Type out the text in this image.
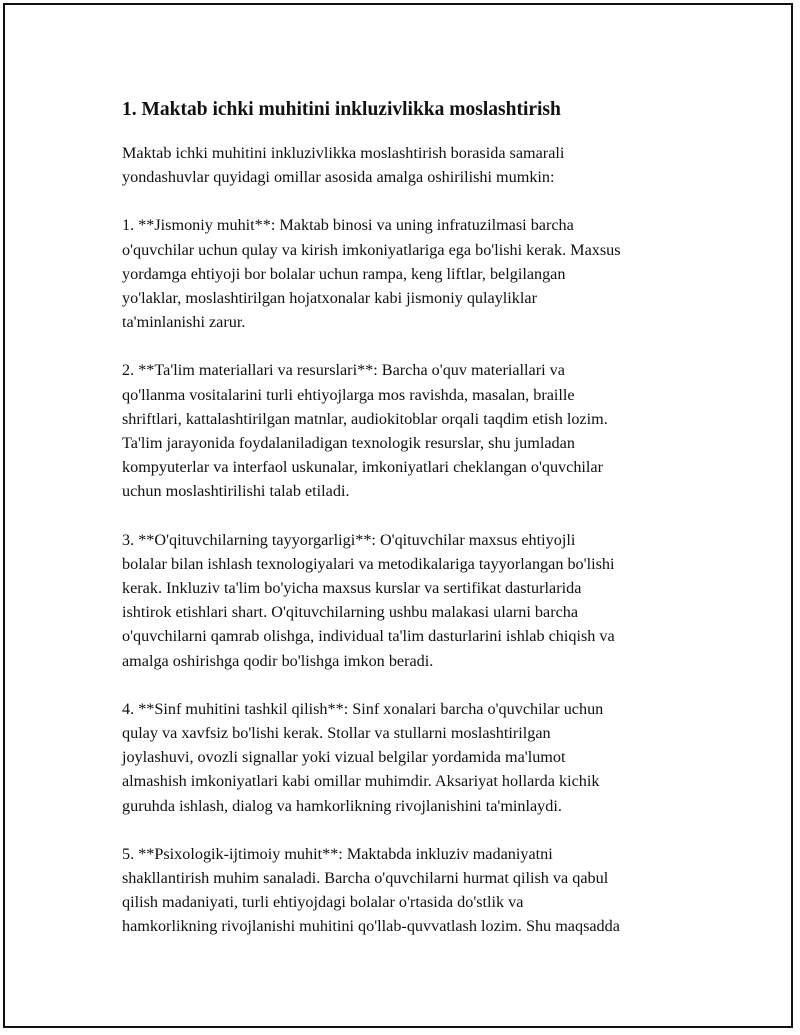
1. Maktab ichki muhitini inkluzivlikka moslashtirish

Maktab ichki muhitini inkluzivlikka moslashtirish borasida samarali
yondashuvlar quyidagi omillar asosida amalga oshirilishi mumkin:

1. **Jismoniy muhit**: Maktab binosi va uning infratuzilmasi barcha
o'quvchilar uchun qulay va kirish imkoniyatlariga ega bo'lishi kerak. Maxsus
yordamga ehtiyoji bor bolalar uchun rampa, keng liftlar, belgilangan
yo'laklar, moslashtirilgan hojatxonalar kabi jismoniy qulayliklar
ta'minlanishi zarur.

2. **Ta'lim materiallari va resurslari**: Barcha o'quv materiallari va
qo'llanma vositalarini turli ehtiyojlarga mos ravishda, masalan, braille
shriftlari, kattalashtirilgan matnlar, audiokitoblar orqali taqdim etish lozim.
Ta'lim jarayonida foydalaniladigan texnologik resurslar, shu jumladan
kompyuterlar va interfaol uskunalar, imkoniyatlari cheklangan o'quvchilar
uchun moslashtirilishi talab etiladi.

3. **O'qituvchilarning tayyorgarligi**: O'qituvchilar maxsus ehtiyojli
bolalar bilan ishlash texnologiyalari va metodikalariga tayyorlangan bo'lishi
kerak. Inkluziv ta'lim bo'yicha maxsus kurslar va sertifikat dasturlarida
ishtirok etishlari shart. O'qituvchilarning ushbu malakasi ularni barcha
o'quvchilarni qamrab olishga, individual ta'lim dasturlarini ishlab chiqish va
amalga oshirishga qodir bo'lishga imkon beradi.

4. **Sinf muhitini tashkil qilish**: Sinf xonalari barcha o'quvchilar uchun
qulay va xavfsiz bo'lishi kerak. Stollar va stullarni moslashtirilgan
joylashuvi, ovozli signallar yoki vizual belgilar yordamida ma'lumot
almashish imkoniyatlari kabi omillar muhimdir. Aksariyat hollarda kichik
guruhda ishlash, dialog va hamkorlikning rivojlanishini ta'minlaydi.

5. **Psixologik-ijtimoiy muhit**: Maktabda inkluziv madaniyatni
shakllantirish muhim sanaladi. Barcha o'quvchilarni hurmat qilish va qabul
qilish madaniyati, turli ehtiyojdagi bolalar o'rtasida do'stlik va
hamkorlikning rivojlanishi muhitini qo'llab-quvvatlash lozim. Shu maqsadda
